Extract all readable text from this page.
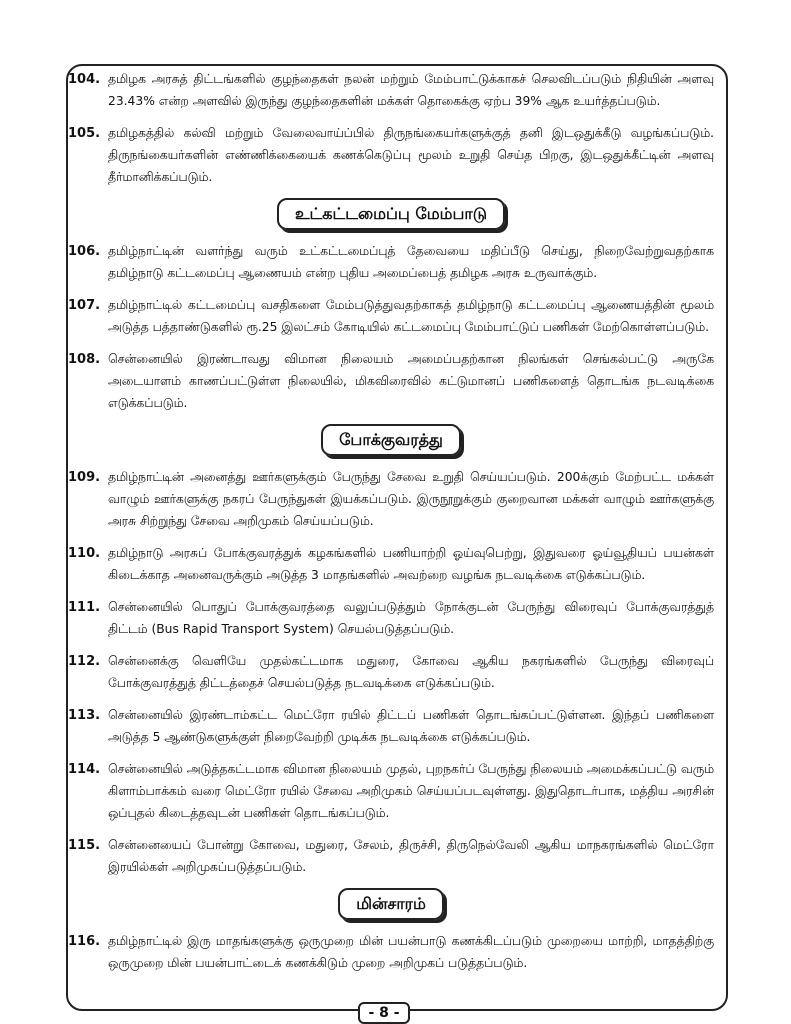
104. தமிழக அரசுத் திட்டங்களில் குழந்தைகள் நலன் மற்றும் மேம்பாட்டுக்காகச் செலவிடப்படும் நிதியின் அளவு 23.43% என்ற அளவில் இருந்து குழந்தைகளின் மக்கள் தொகைக்கு ஏற்ப 39% ஆக உயர்த்தப்படும்.
105. தமிழகத்தில் கல்வி மற்றும் வேலைவாய்ப்பில் திருநங்கையர்களுக்குத் தனி இடஒதுக்கீடு வழங்கப்படும். திருநங்கையர்களின் எண்ணிக்கையைக் கணக்கெடுப்பு மூலம் உறுதி செய்த பிறகு, இடஒதுக்கீட்டின் அளவு தீர்மானிக்கப்படும்.
உட்கட்டமைப்பு மேம்பாடு
106. தமிழ்நாட்டின் வளர்ந்து வரும் உட்கட்டமைப்புத் தேவையை மதிப்பீடு செய்து, நிறைவேற்றுவதற்காக தமிழ்நாடு கட்டமைப்பு ஆணையம் என்ற புதிய அமைப்பைத் தமிழக அரசு உருவாக்கும்.
107. தமிழ்நாட்டில் கட்டமைப்பு வசதிகளை மேம்படுத்துவதற்காகத் தமிழ்நாடு கட்டமைப்பு ஆணையத்தின் மூலம் அடுத்த பத்தாண்டுகளில் ரூ.25 இலட்சம் கோடியில் கட்டமைப்பு மேம்பாட்டுப் பணிகள் மேற்கொள்ளப்படும்.
108. சென்னையில் இரண்டாவது விமான நிலையம் அமைப்பதற்கான நிலங்கள் செங்கல்பட்டு அருகே அடையாளம் காணப்பட்டுள்ள நிலையில், மிகவிரைவில் கட்டுமானப் பணிகளைத் தொடங்க நடவடிக்கை எடுக்கப்படும்.
போக்குவரத்து
109. தமிழ்நாட்டின் அனைத்து ஊர்களுக்கும் பேருந்து சேவை உறுதி செய்யப்படும். 200க்கும் மேற்பட்ட மக்கள் வாழும் ஊர்களுக்கு நகரப் பேருந்துகள் இயக்கப்படும். இருநூறுக்கும் குறைவான மக்கள் வாழும் ஊர்களுக்கு அரசு சிற்றுந்து சேவை அறிமுகம் செய்யப்படும்.
110. தமிழ்நாடு அரசுப் போக்குவரத்துக் கழகங்களில் பணியாற்றி ஓய்வுபெற்று, இதுவரை ஓய்வூதியப் பயன்கள் கிடைக்காத அனைவருக்கும் அடுத்த 3 மாதங்களில் அவற்றை வழங்க நடவடிக்கை எடுக்கப்படும்.
111. சென்னையில் பொதுப் போக்குவரத்தை வலுப்படுத்தும் நோக்குடன் பேருந்து விரைவுப் போக்குவரத்துத் திட்டம் (Bus Rapid Transport System) செயல்படுத்தப்படும்.
112. சென்னைக்கு வெளியே முதல்கட்டமாக மதுரை, கோவை ஆகிய நகரங்களில் பேருந்து விரைவுப் போக்குவரத்துத் திட்டத்தைச் செயல்படுத்த நடவடிக்கை எடுக்கப்படும்.
113. சென்னையில் இரண்டாம்கட்ட மெட்ரோ ரயில் திட்டப் பணிகள் தொடங்கப்பட்டுள்ளன. இந்தப் பணிகளை அடுத்த 5 ஆண்டுகளுக்குள் நிறைவேற்றி முடிக்க நடவடிக்கை எடுக்கப்படும்.
114. சென்னையில் அடுத்தகட்டமாக விமான நிலையம் முதல், புறநகர்ப் பேருந்து நிலையம் அமைக்கப்பட்டு வரும் கிளாம்பாக்கம் வரை மெட்ரோ ரயில் சேவை அறிமுகம் செய்யப்படவுள்ளது. இதுதொடர்பாக, மத்திய அரசின் ஒப்புதல் கிடைத்தவுடன் பணிகள் தொடங்கப்படும்.
115. சென்னையைப் போன்று கோவை, மதுரை, சேலம், திருச்சி, திருநெல்வேலி ஆகிய மாநகரங்களில் மெட்ரோ இரயில்கள் அறிமுகப்படுத்தப்படும்.
மின்சாரம்
116. தமிழ்நாட்டில் இரு மாதங்களுக்கு ஒருமுறை மின் பயன்பாடு கணக்கிடப்படும் முறையை மாற்றி, மாதத்திற்கு ஒருமுறை மின் பயன்பாட்டைக் கணக்கிடும் முறை அறிமுகப் படுத்தப்படும்.
- 8 -
